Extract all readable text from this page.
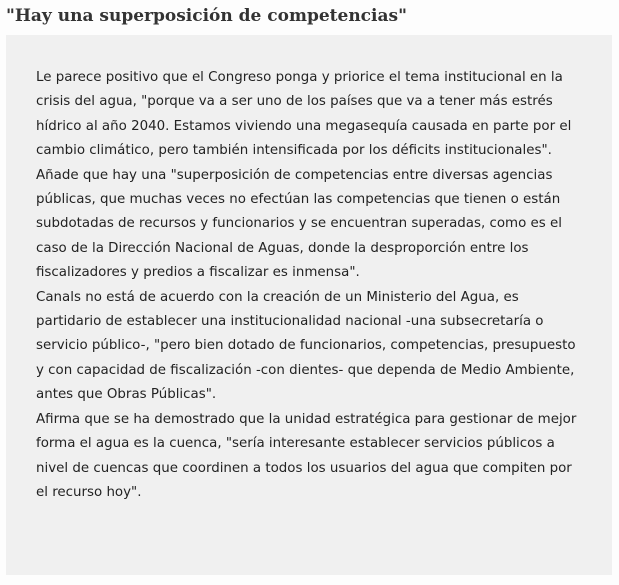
"Hay una superposición de competencias"

Le parece positivo que el Congreso ponga y priorice el tema institucional en la crisis del agua, "porque va a ser uno de los países que va a tener más estrés hídrico al año 2040. Estamos viviendo una megasequía causada en parte por el cambio climático, pero también intensificada por los déficits institucionales".

Añade que hay una "superposición de competencias entre diversas agencias públicas, que muchas veces no efectúan las competencias que tienen o están subdotadas de recursos y funcionarios y se encuentran superadas, como es el caso de la Dirección Nacional de Aguas, donde la desproporción entre los fiscalizadores y predios a fiscalizar es inmensa".

Canals no está de acuerdo con la creación de un Ministerio del Agua, es partidario de establecer una institucionalidad nacional -una subsecretaría o servicio público-, "pero bien dotado de funcionarios, competencias, presupuesto y con capacidad de fiscalización -con dientes- que dependa de Medio Ambiente, antes que Obras Públicas".

Afirma que se ha demostrado que la unidad estratégica para gestionar de mejor forma el agua es la cuenca, "sería interesante establecer servicios públicos a nivel de cuencas que coordinen a todos los usuarios del agua que compiten por el recurso hoy".
